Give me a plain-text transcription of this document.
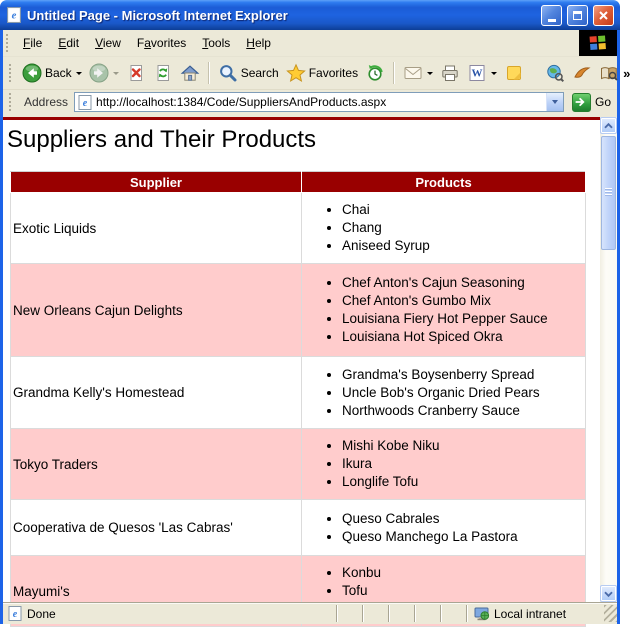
e Untitled Page - Microsoft Internet Explorer
File	Edit	View	Favorites	Tools	Help
Back	Search	Favorites	W	»
Address e
http://localhost:1384/Code/SuppliersAndProducts.aspx	Go
Suppliers and Their Products
Supplier	Products
Exotic Liquids	
• Chai
• Chang
• Aniseed Syrup

New Orleans Cajun Delights	
• Chef Anton's Cajun Seasoning
• Chef Anton's Gumbo Mix
• Louisiana Fiery Hot Pepper Sauce
• Louisiana Hot Spiced Okra

Grandma Kelly's Homestead	
• Grandma's Boysenberry Spread
• Uncle Bob's Organic Dried Pears
• Northwoods Cranberry Sauce

Tokyo Traders	
• Mishi Kobe Niku
• Ikura
• Longlife Tofu

Cooperativa de Quesos 'Las Cabras'	
• Queso Cabrales
• Queso Manchego La Pastora

Mayumi's	
• Konbu
• Tofu
•
e Done	Local intranet
